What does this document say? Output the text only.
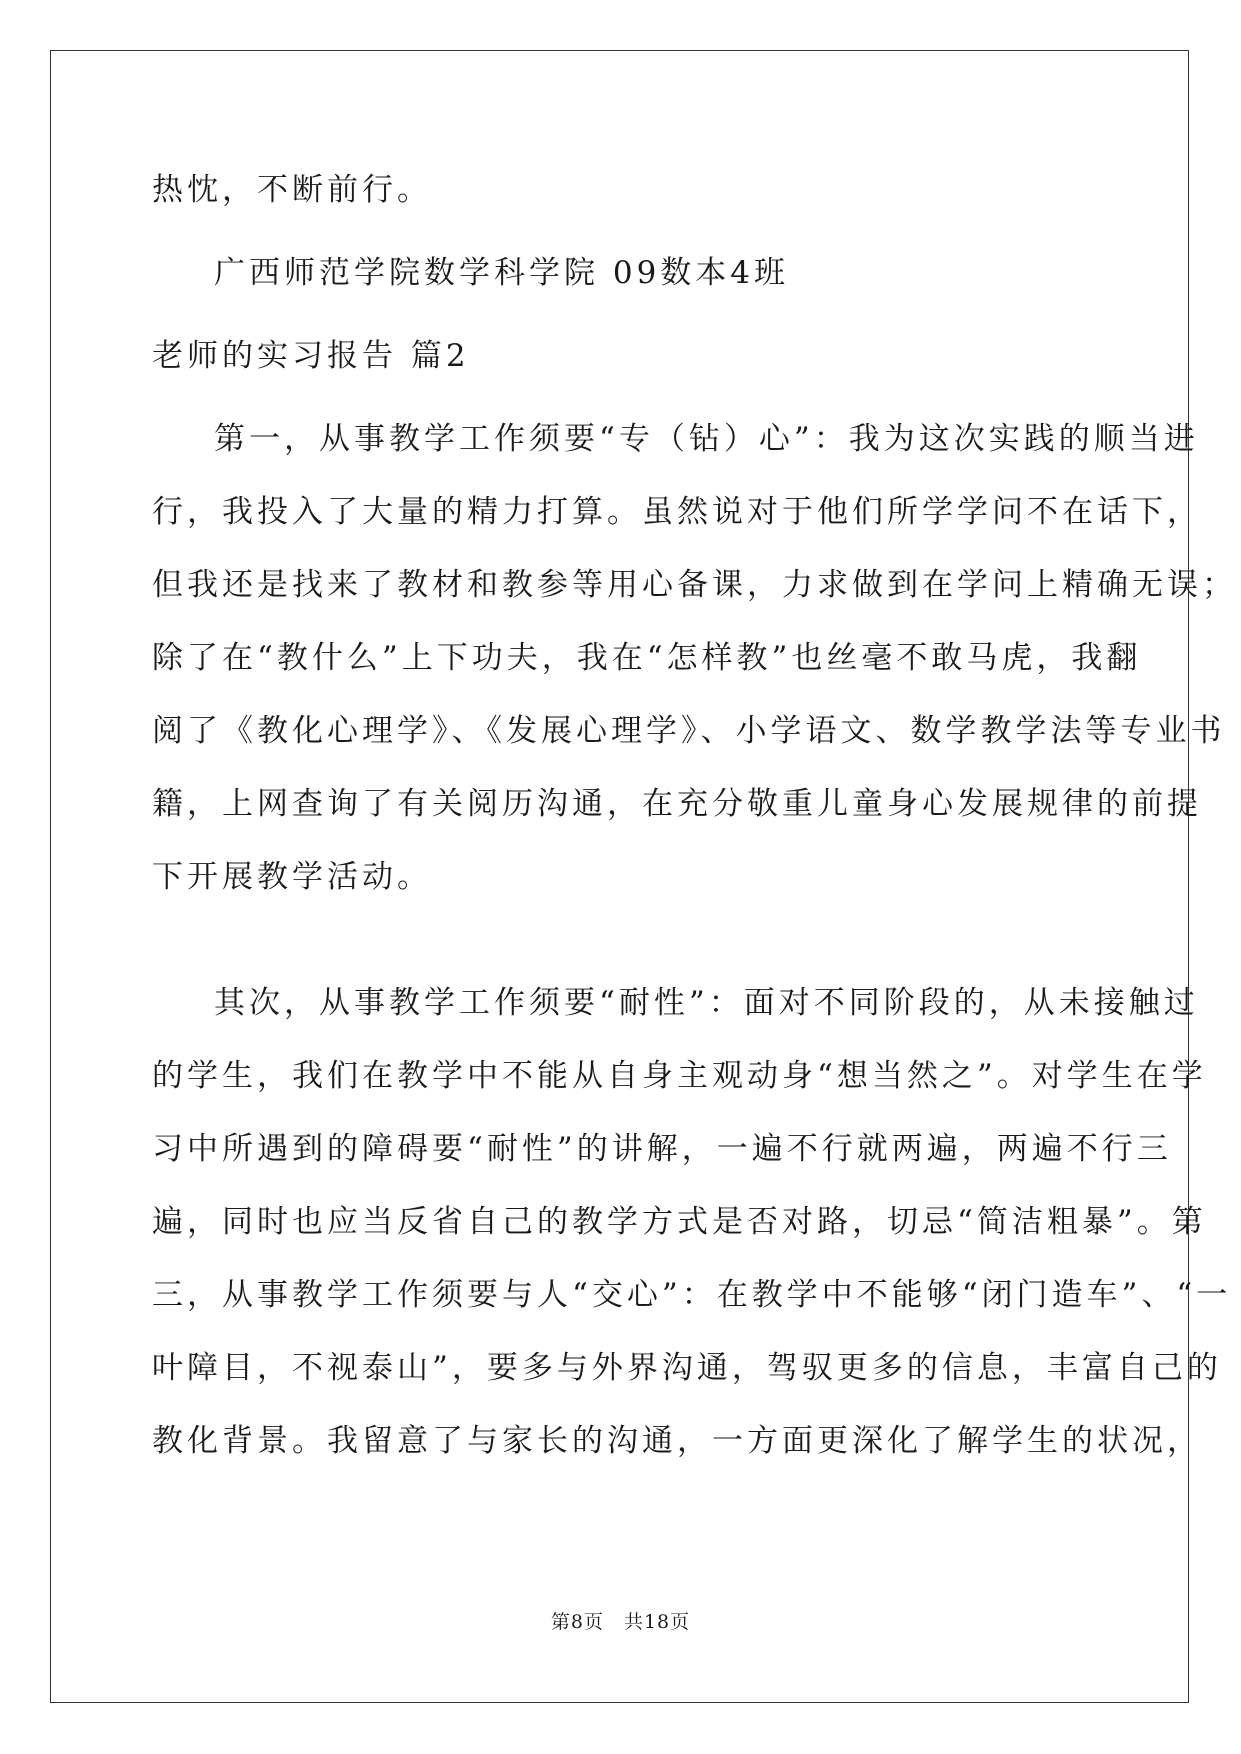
热忱，不断前行。
广西师范学院数学科学院 09数本4班
老师的实习报告 篇2
第一，从事教学工作须要“专（钻）心”：我为这次实践的顺当进
行，我投入了大量的精力打算。虽然说对于他们所学学问不在话下，
但我还是找来了教材和教参等用心备课，力求做到在学问上精确无误；
除了在“教什么”上下功夫，我在“怎样教”也丝毫不敢马虎，我翻
阅了《教化心理学》、《发展心理学》、小学语文、数学教学法等专业书
籍，上网查询了有关阅历沟通，在充分敬重儿童身心发展规律的前提
下开展教学活动。
其次，从事教学工作须要“耐性”：面对不同阶段的，从未接触过
的学生，我们在教学中不能从自身主观动身“想当然之”。对学生在学
习中所遇到的障碍要“耐性”的讲解，一遍不行就两遍，两遍不行三
遍，同时也应当反省自己的教学方式是否对路，切忌“简洁粗暴”。第
三，从事教学工作须要与人“交心”：在教学中不能够“闭门造车”、“一
叶障目，不视泰山”，要多与外界沟通，驾驭更多的信息，丰富自己的
教化背景。我留意了与家长的沟通，一方面更深化了解学生的状况，
第8页　共18页
